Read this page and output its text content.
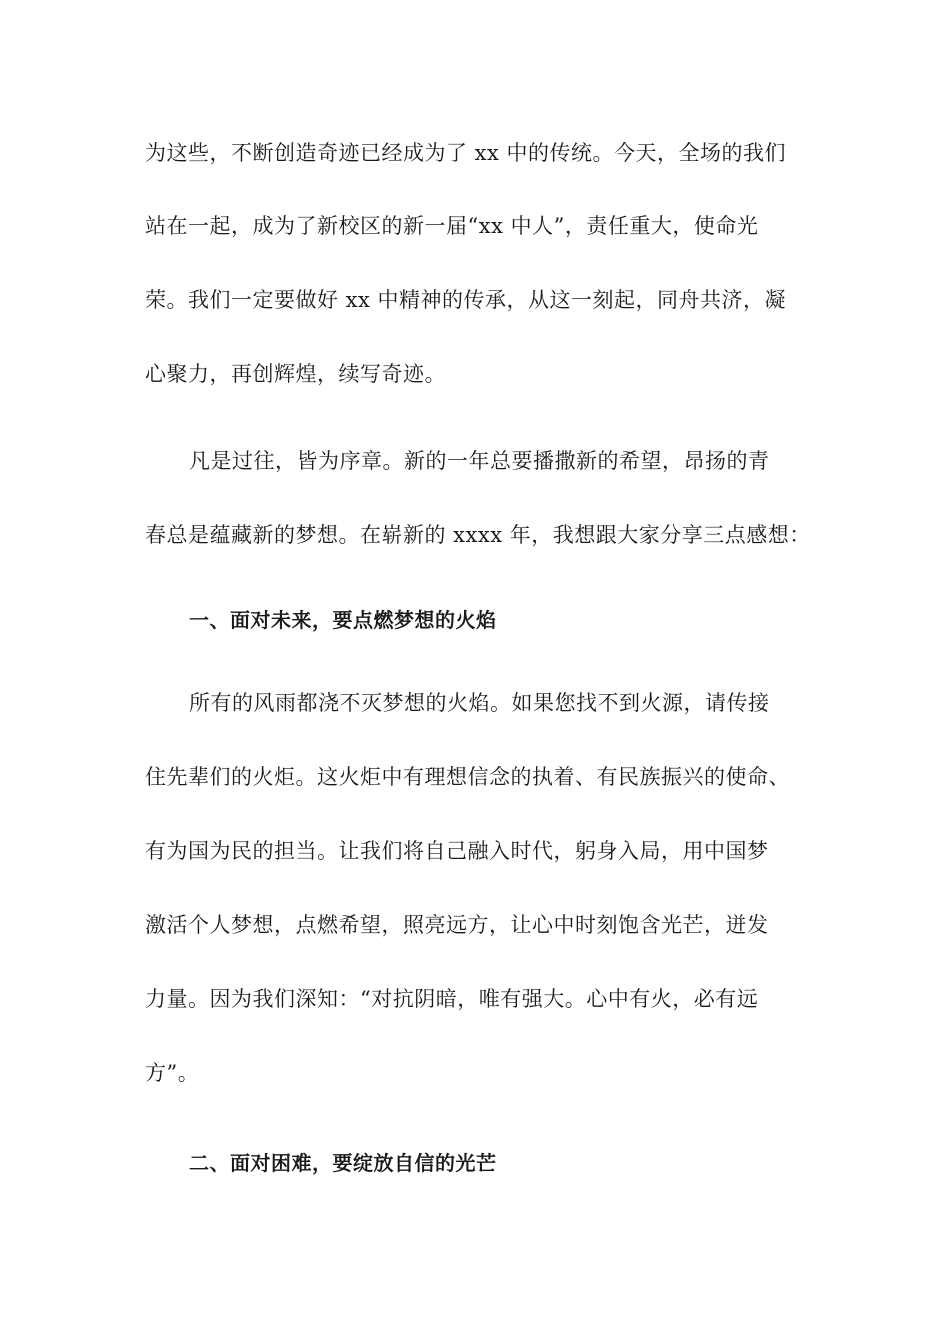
为这些，不断创造奇迹已经成为了 xx 中的传统。今天，全场的我们
站在一起，成为了新校区的新一届“xx 中人”，责任重大，使命光
荣。我们一定要做好 xx 中精神的传承，从这一刻起，同舟共济，凝
心聚力，再创辉煌，续写奇迹。
凡是过往，皆为序章。新的一年总要播撒新的希望，昂扬的青
春总是蕴藏新的梦想。在崭新的 xxxx 年，我想跟大家分享三点感想：
一、面对未来，要点燃梦想的火焰
所有的风雨都浇不灭梦想的火焰。如果您找不到火源，请传接
住先辈们的火炬。这火炬中有理想信念的执着、有民族振兴的使命、
有为国为民的担当。让我们将自己融入时代，躬身入局，用中国梦
激活个人梦想，点燃希望，照亮远方，让心中时刻饱含光芒，迸发
力量。因为我们深知：“对抗阴暗，唯有强大。心中有火，必有远
方”。
二、面对困难，要绽放自信的光芒
